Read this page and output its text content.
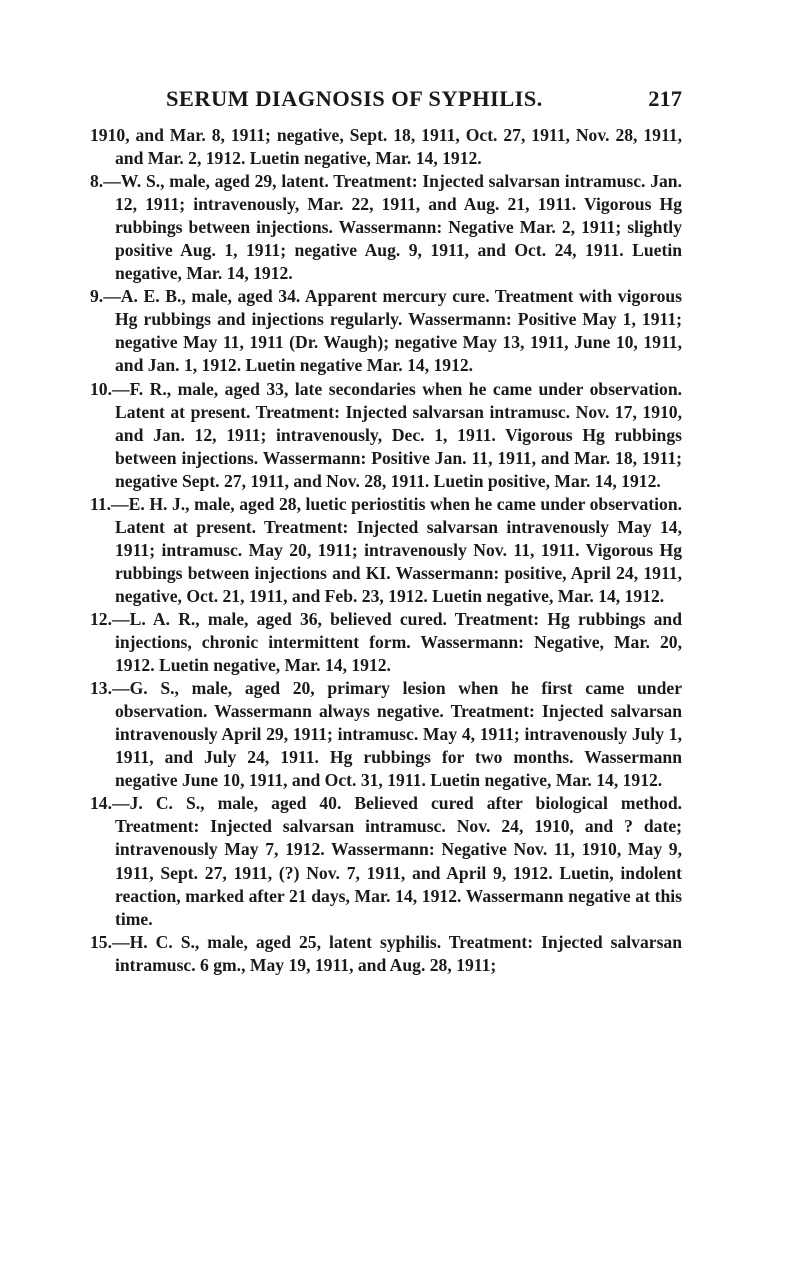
SERUM DIAGNOSIS OF SYPHILIS.	217

1910, and Mar. 8, 1911; negative, Sept. 18, 1911, Oct. 27, 1911, Nov. 28, 1911, and Mar. 2, 1912. Luetin negative, Mar. 14, 1912.

8.—W. S., male, aged 29, latent. Treatment: Injected salvarsan intramusc. Jan. 12, 1911; intravenously, Mar. 22, 1911, and Aug. 21, 1911. Vigorous Hg rubbings between injections. Wassermann: Negative Mar. 2, 1911; slightly positive Aug. 1, 1911; negative Aug. 9, 1911, and Oct. 24, 1911. Luetin negative, Mar. 14, 1912.

9.—A. E. B., male, aged 34. Apparent mercury cure. Treatment with vigorous Hg rubbings and injections regularly. Wassermann: Positive May 1, 1911; negative May 11, 1911 (Dr. Waugh); negative May 13, 1911, June 10, 1911, and Jan. 1, 1912. Luetin negative Mar. 14, 1912.

10.—F. R., male, aged 33, late secondaries when he came under observation. Latent at present. Treatment: Injected salvarsan intramusc. Nov. 17, 1910, and Jan. 12, 1911; intravenously, Dec. 1, 1911. Vigorous Hg rubbings between injections. Wassermann: Positive Jan. 11, 1911, and Mar. 18, 1911; negative Sept. 27, 1911, and Nov. 28, 1911. Luetin positive, Mar. 14, 1912.

11.—E. H. J., male, aged 28, luetic periostitis when he came under observation. Latent at present. Treatment: Injected salvarsan intravenously May 14, 1911; intramusc. May 20, 1911; intravenously Nov. 11, 1911. Vigorous Hg rubbings between injections and KI. Wassermann: positive, April 24, 1911, negative, Oct. 21, 1911, and Feb. 23, 1912. Luetin negative, Mar. 14, 1912.

12.—L. A. R., male, aged 36, believed cured. Treatment: Hg rubbings and injections, chronic intermittent form. Wassermann: Negative, Mar. 20, 1912. Luetin negative, Mar. 14, 1912.

13.—G. S., male, aged 20, primary lesion when he first came under observation. Wassermann always negative. Treatment: Injected salvarsan intravenously April 29, 1911; intramusc. May 4, 1911; intravenously July 1, 1911, and July 24, 1911. Hg rubbings for two months. Wassermann negative June 10, 1911, and Oct. 31, 1911. Luetin negative, Mar. 14, 1912.

14.—J. C. S., male, aged 40. Believed cured after biological method. Treatment: Injected salvarsan intramusc. Nov. 24, 1910, and ? date; intravenously May 7, 1912. Wassermann: Negative Nov. 11, 1910, May 9, 1911, Sept. 27, 1911, (?) Nov. 7, 1911, and April 9, 1912. Luetin, indolent reaction, marked after 21 days, Mar. 14, 1912. Wassermann negative at this time.

15.—H. C. S., male, aged 25, latent syphilis. Treatment: Injected salvarsan intramusc. 6 gm., May 19, 1911, and Aug. 28, 1911;
